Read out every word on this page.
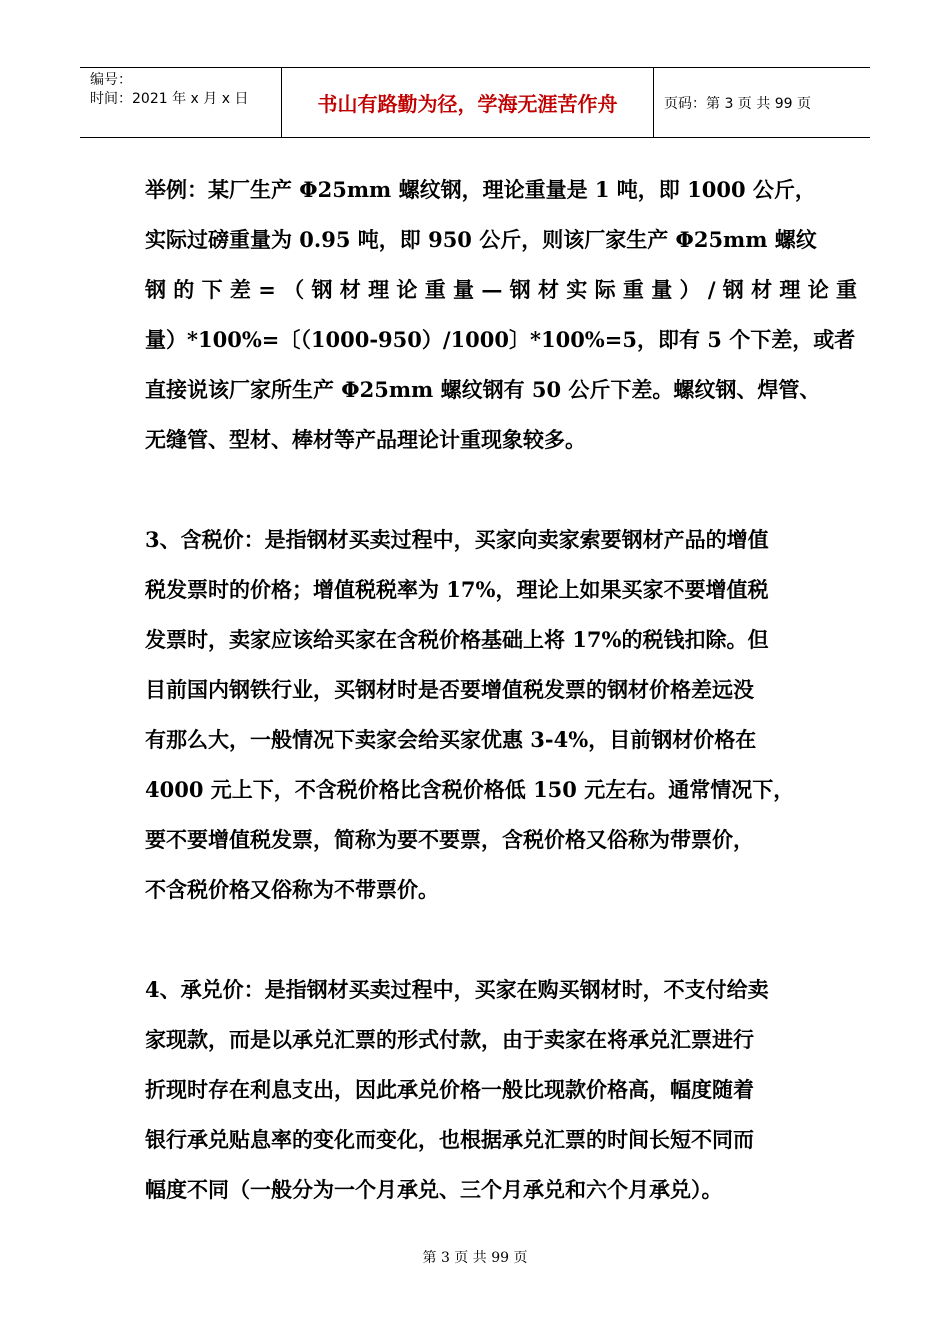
编号：
时间：2021 年 x 月 x 日	书山有路勤为径，学海无涯苦作舟	页码：第 3 页 共 99 页

举例：某厂生产 Φ25mm 螺纹钢，理论重量是 1 吨，即 1000 公斤，

实际过磅重量为 0.95 吨，即 950 公斤，则该厂家生产 Φ25mm 螺纹

钢 的 下 差 = （ 钢 材 理 论 重 量 — 钢 材 实 际 重 量 ） / 钢 材 理 论 重

量）*100%=〔（1000-950）/1000〕*100%=5，即有 5 个下差，或者

直接说该厂家所生产 Φ25mm 螺纹钢有 50 公斤下差。螺纹钢、焊管、

无缝管、型材、棒材等产品理论计重现象较多。

3、含税价：是指钢材买卖过程中，买家向卖家索要钢材产品的增值

税发票时的价格；增值税税率为 17%，理论上如果买家不要增值税

发票时，卖家应该给买家在含税价格基础上将 17%的税钱扣除。但

目前国内钢铁行业，买钢材时是否要增值税发票的钢材价格差远没

有那么大，一般情况下卖家会给买家优惠 3-4%，目前钢材价格在

4000 元上下，不含税价格比含税价格低 150 元左右。通常情况下，

要不要增值税发票，简称为要不要票，含税价格又俗称为带票价，

不含税价格又俗称为不带票价。

4、承兑价：是指钢材买卖过程中，买家在购买钢材时，不支付给卖

家现款，而是以承兑汇票的形式付款，由于卖家在将承兑汇票进行

折现时存在利息支出，因此承兑价格一般比现款价格高，幅度随着

银行承兑贴息率的变化而变化，也根据承兑汇票的时间长短不同而

幅度不同（一般分为一个月承兑、三个月承兑和六个月承兑）。

第 3 页 共 99 页
